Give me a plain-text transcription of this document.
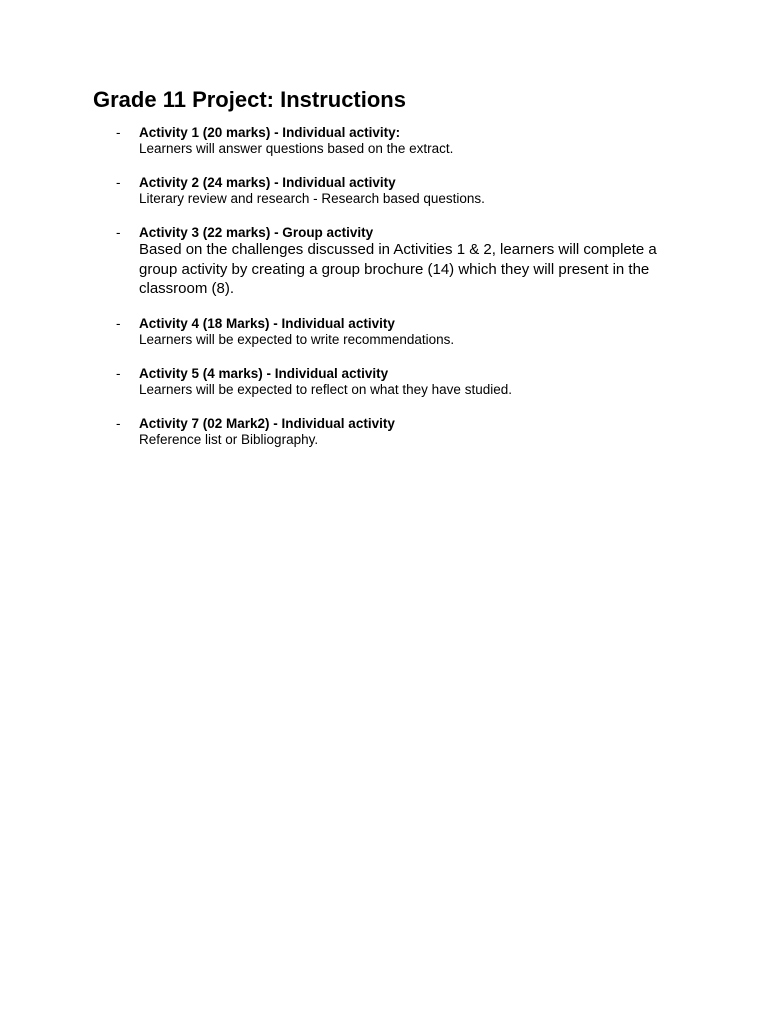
Grade 11 Project: Instructions
- Activity 1 (20 marks) - Individual activity:
Learners will answer questions based on the extract.
- Activity 2 (24 marks) - Individual activity
Literary review and research - Research based questions.
- Activity 3 (22 marks) - Group activity
Based on the challenges discussed in Activities 1 & 2, learners will complete a group activity by creating a group brochure (14) which they will present in the classroom (8).
- Activity 4 (18 Marks) - Individual activity
Learners will be expected to write recommendations.
- Activity 5 (4 marks) - Individual activity
Learners will be expected to reflect on what they have studied.
- Activity 7 (02 Mark2) - Individual activity
Reference list or Bibliography.
